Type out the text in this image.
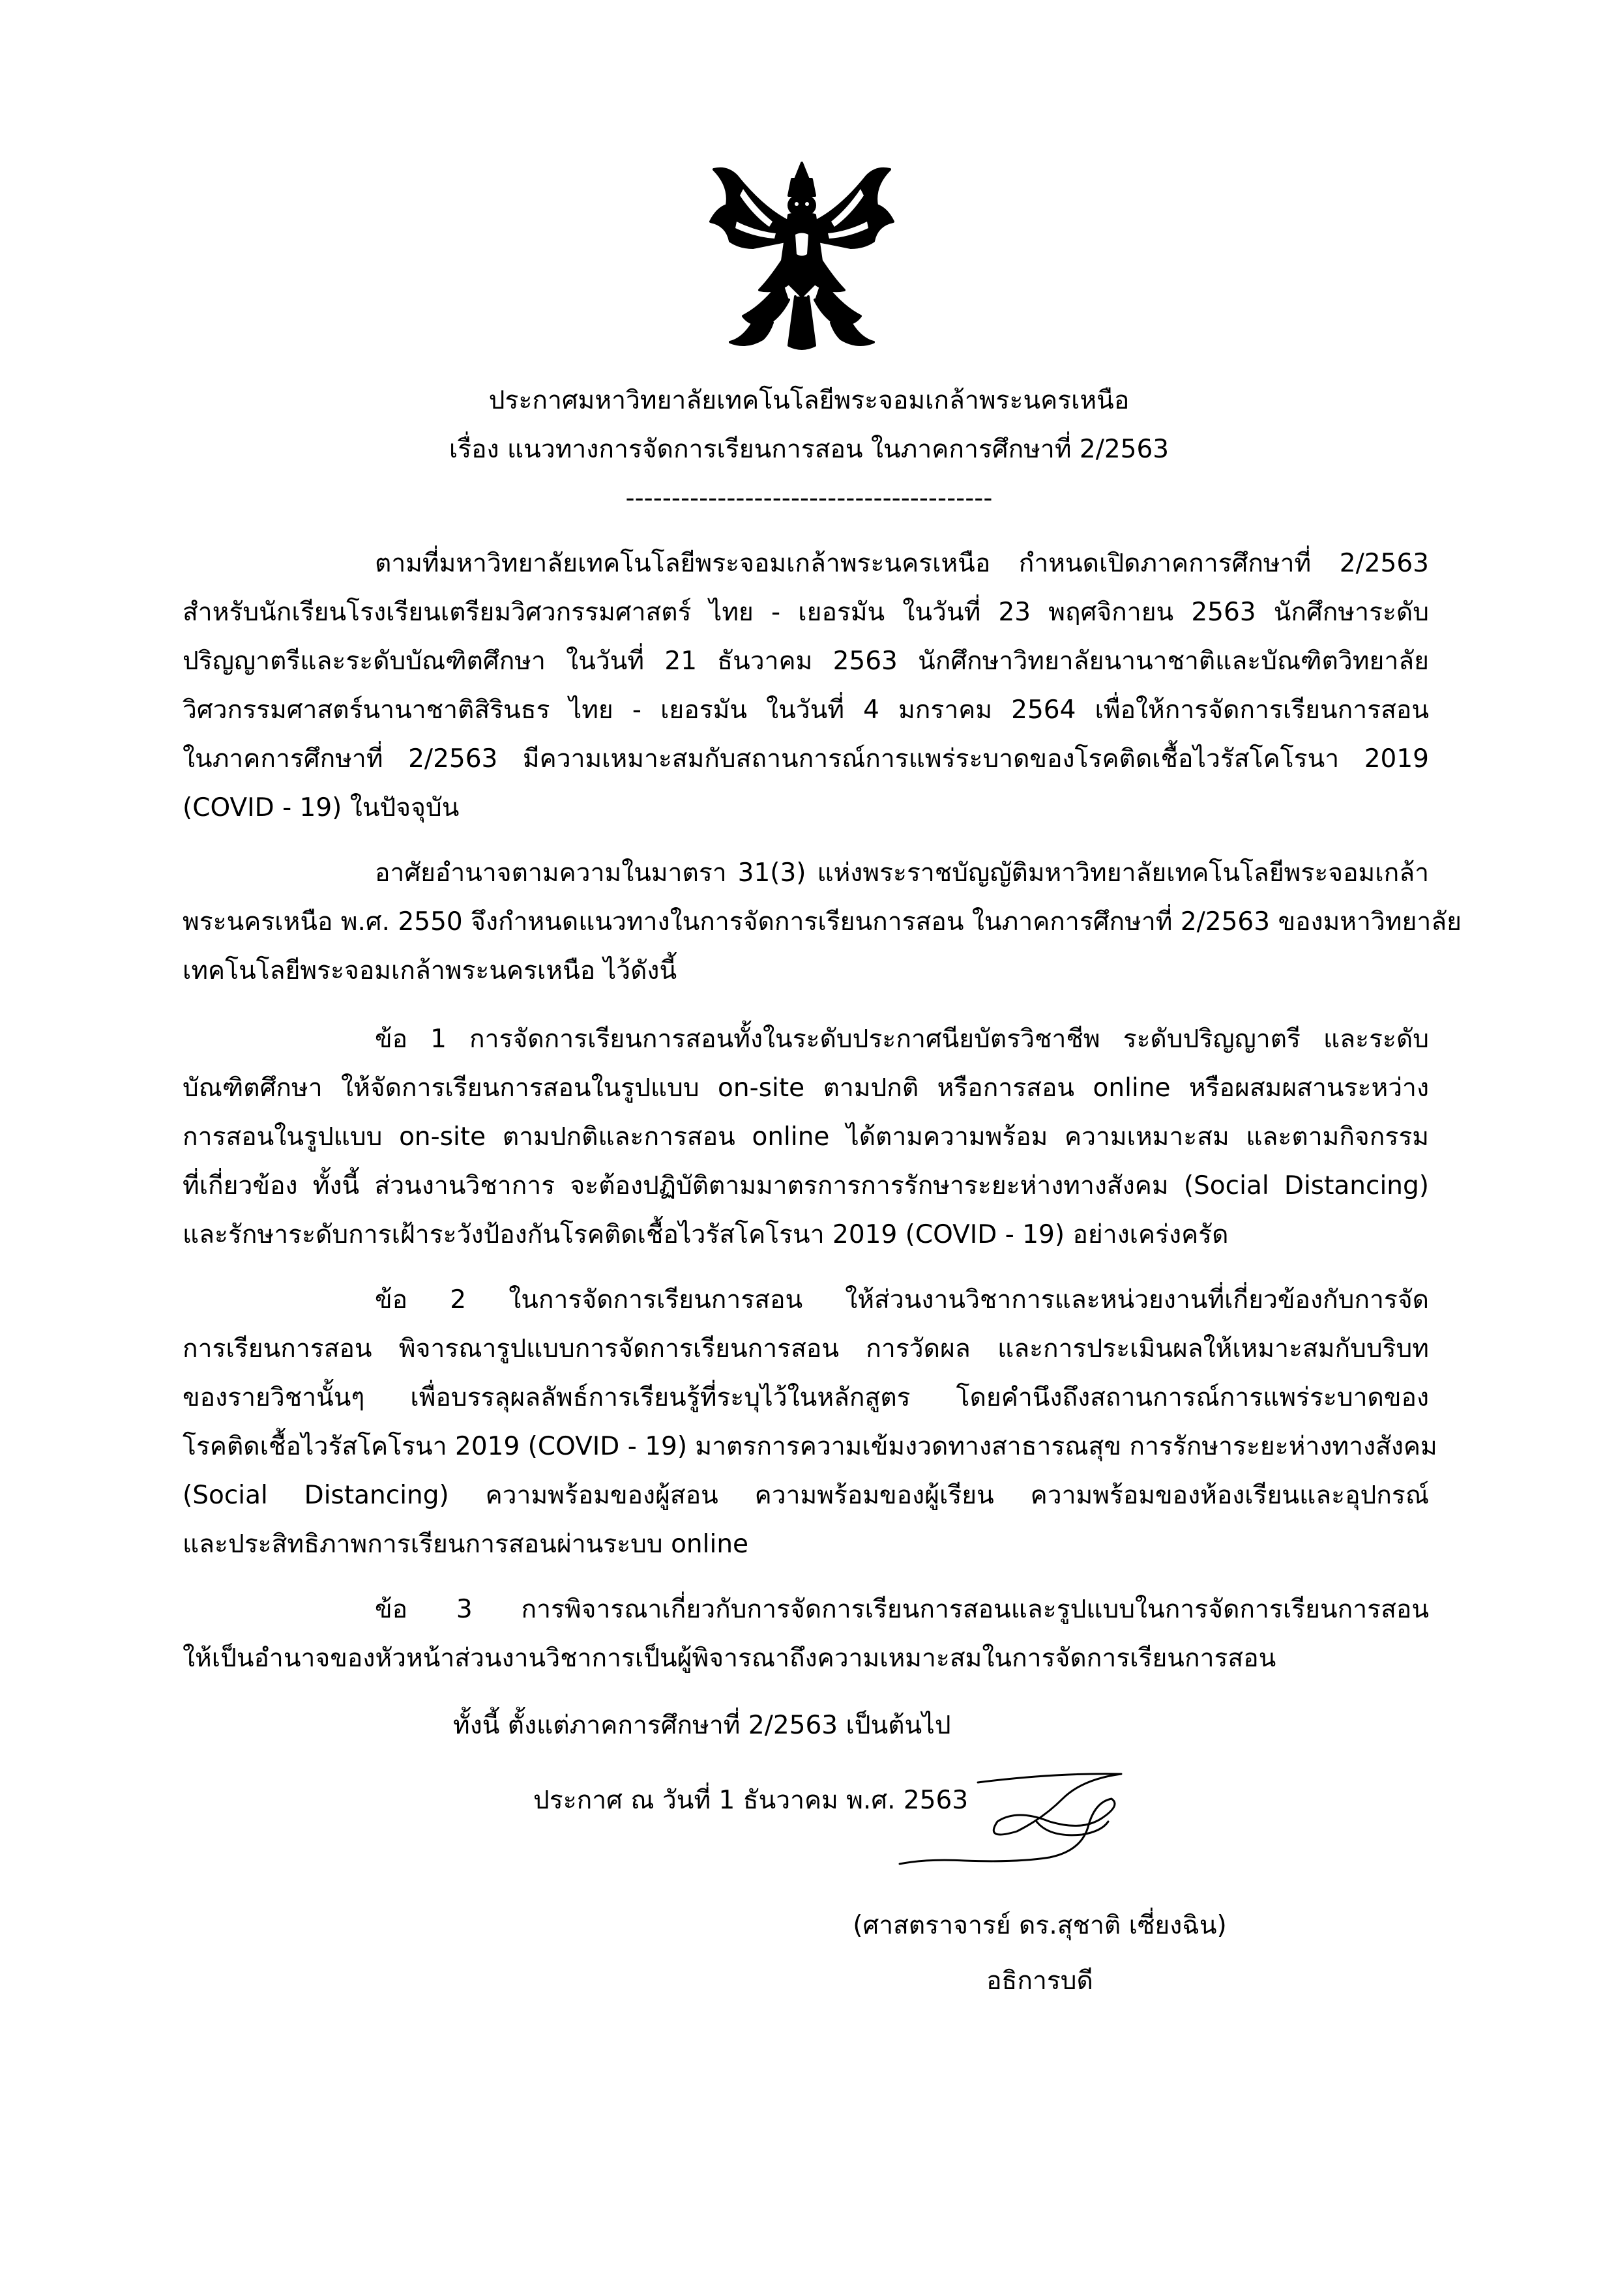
ประกาศมหาวิทยาลัยเทคโนโลยีพระจอมเกล้าพระนครเหนือ
เรื่อง แนวทางการจัดการเรียนการสอน ในภาคการศึกษาที่ 2/2563
----------------------------------------
ตามที่มหาวิทยาลัยเทคโนโลยีพระจอมเกล้าพระนครเหนือ กำหนดเปิดภาคการศึกษาที่ 2/2563
สำหรับนักเรียนโรงเรียนเตรียมวิศวกรรมศาสตร์ ไทย - เยอรมัน ในวันที่ 23 พฤศจิกายน 2563 นักศึกษาระดับ
ปริญญาตรีและระดับบัณฑิตศึกษา ในวันที่ 21 ธันวาคม 2563 นักศึกษาวิทยาลัยนานาชาติและบัณฑิตวิทยาลัย
วิศวกรรมศาสตร์นานาชาติสิรินธร ไทย - เยอรมัน ในวันที่ 4 มกราคม 2564 เพื่อให้การจัดการเรียนการสอน
ในภาคการศึกษาที่ 2/2563 มีความเหมาะสมกับสถานการณ์การแพร่ระบาดของโรคติดเชื้อไวรัสโคโรนา 2019
(COVID - 19) ในปัจจุบัน
อาศัยอำนาจตามความในมาตรา 31(3) แห่งพระราชบัญญัติมหาวิทยาลัยเทคโนโลยีพระจอมเกล้า
พระนครเหนือ พ.ศ. 2550 จึงกำหนดแนวทางในการจัดการเรียนการสอน ในภาคการศึกษาที่ 2/2563 ของมหาวิทยาลัย
เทคโนโลยีพระจอมเกล้าพระนครเหนือ ไว้ดังนี้
ข้อ 1 การจัดการเรียนการสอนทั้งในระดับประกาศนียบัตรวิชาชีพ ระดับปริญญาตรี และระดับ
บัณฑิตศึกษา ให้จัดการเรียนการสอนในรูปแบบ on-site ตามปกติ หรือการสอน online หรือผสมผสานระหว่าง
การสอนในรูปแบบ on-site ตามปกติและการสอน online ได้ตามความพร้อม ความเหมาะสม และตามกิจกรรม
ที่เกี่ยวข้อง ทั้งนี้ ส่วนงานวิชาการ จะต้องปฏิบัติตามมาตรการการรักษาระยะห่างทางสังคม (Social Distancing)
และรักษาระดับการเฝ้าระวังป้องกันโรคติดเชื้อไวรัสโคโรนา 2019 (COVID - 19) อย่างเคร่งครัด
ข้อ 2 ในการจัดการเรียนการสอน ให้ส่วนงานวิชาการและหน่วยงานที่เกี่ยวข้องกับการจัด
การเรียนการสอน พิจารณารูปแบบการจัดการเรียนการสอน การวัดผล และการประเมินผลให้เหมาะสมกับบริบท
ของรายวิชานั้นๆ เพื่อบรรลุผลลัพธ์การเรียนรู้ที่ระบุไว้ในหลักสูตร โดยคำนึงถึงสถานการณ์การแพร่ระบาดของ
โรคติดเชื้อไวรัสโคโรนา 2019 (COVID - 19) มาตรการความเข้มงวดทางสาธารณสุข การรักษาระยะห่างทางสังคม
(Social Distancing) ความพร้อมของผู้สอน ความพร้อมของผู้เรียน ความพร้อมของห้องเรียนและอุปกรณ์
และประสิทธิภาพการเรียนการสอนผ่านระบบ online
ข้อ 3 การพิจารณาเกี่ยวกับการจัดการเรียนการสอนและรูปแบบในการจัดการเรียนการสอน
ให้เป็นอำนาจของหัวหน้าส่วนงานวิชาการเป็นผู้พิจารณาถึงความเหมาะสมในการจัดการเรียนการสอน
ทั้งนี้ ตั้งแต่ภาคการศึกษาที่ 2/2563 เป็นต้นไป
ประกาศ ณ วันที่ 1 ธันวาคม พ.ศ. 2563
(ศาสตราจารย์ ดร.สุชาติ เซี่ยงฉิน)
อธิการบดี
